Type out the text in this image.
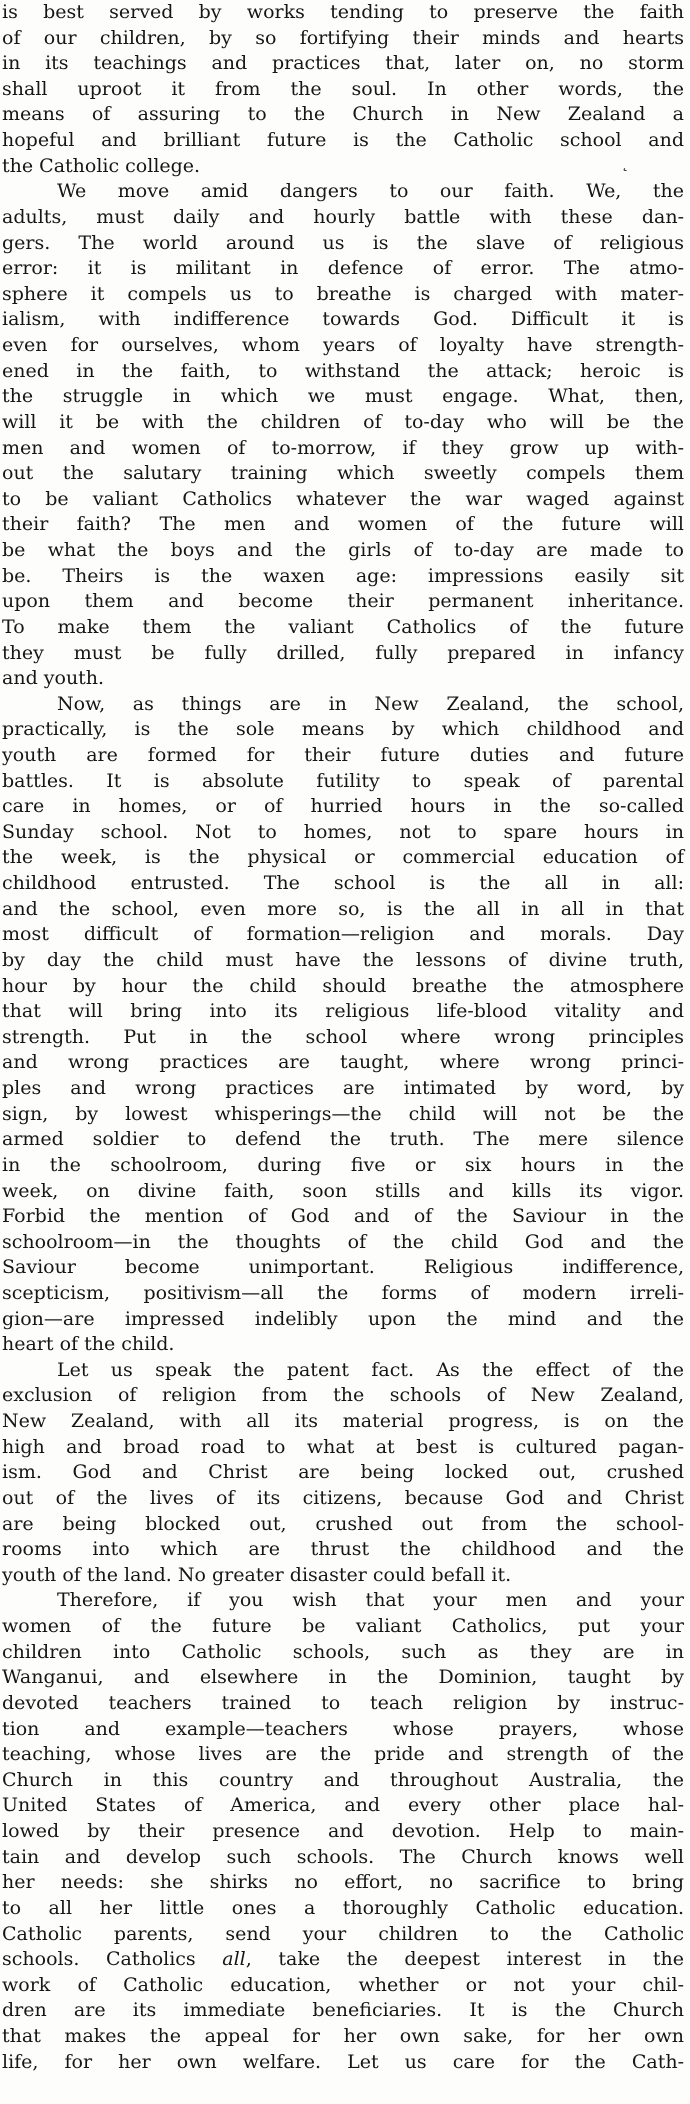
is best served by works tending to preserve the faith

of our children, by so fortifying their minds and hearts

in its teachings and practices that, later on, no storm

shall uproot it from the soul. In other words, the

means of assuring to the Church in New Zealand a

hopeful and brilliant future is the Catholic school and

the Catholic college.

We move amid dangers to our faith. We, the

adults, must daily and hourly battle with these dan-

gers. The world around us is the slave of religious

error: it is militant in defence of error. The atmo-

sphere it compels us to breathe is charged with mater-

ialism, with indifference towards God. Difficult it is

even for ourselves, whom years of loyalty have strength-

ened in the faith, to withstand the attack; heroic is

the struggle in which we must engage. What, then,

will it be with the children of to-day who will be the

men and women of to-morrow, if they grow up with-

out the salutary training which sweetly compels them

to be valiant Catholics whatever the war waged against

their faith? The men and women of the future will

be what the boys and the girls of to-day are made to

be. Theirs is the waxen age: impressions easily sit

upon them and become their permanent inheritance.

To make them the valiant Catholics of the future

they must be fully drilled, fully prepared in infancy

and youth.

Now, as things are in New Zealand, the school,

practically, is the sole means by which childhood and

youth are formed for their future duties and future

battles. It is absolute futility to speak of parental

care in homes, or of hurried hours in the so-called

Sunday school. Not to homes, not to spare hours in

the week, is the physical or commercial education of

childhood entrusted. The school is the all in all:

and the school, even more so, is the all in all in that

most difficult of formation—religion and morals. Day

by day the child must have the lessons of divine truth,

hour by hour the child should breathe the atmosphere

that will bring into its religious life-blood vitality and

strength. Put in the school where wrong principles

and wrong practices are taught, where wrong princi-

ples and wrong practices are intimated by word, by

sign, by lowest whisperings—the child will not be the

armed soldier to defend the truth. The mere silence

in the schoolroom, during five or six hours in the

week, on divine faith, soon stills and kills its vigor.

Forbid the mention of God and of the Saviour in the

schoolroom—in the thoughts of the child God and the

Saviour become unimportant. Religious indifference,

scepticism, positivism—all the forms of modern irreli-

gion—are impressed indelibly upon the mind and the

heart of the child.

Let us speak the patent fact. As the effect of the

exclusion of religion from the schools of New Zealand,

New Zealand, with all its material progress, is on the

high and broad road to what at best is cultured pagan-

ism. God and Christ are being locked out, crushed

out of the lives of its citizens, because God and Christ

are being blocked out, crushed out from the school-

rooms into which are thrust the childhood and the

youth of the land. No greater disaster could befall it.

Therefore, if you wish that your men and your

women of the future be valiant Catholics, put your

children into Catholic schools, such as they are in

Wanganui, and elsewhere in the Dominion, taught by

devoted teachers trained to teach religion by instruc-

tion and example—teachers whose prayers, whose

teaching, whose lives are the pride and strength of the

Church in this country and throughout Australia, the

United States of America, and every other place hal-

lowed by their presence and devotion. Help to main-

tain and develop such schools. The Church knows well

her needs: she shirks no effort, no sacrifice to bring

to all her little ones a thoroughly Catholic education.

Catholic parents, send your children to the Catholic

schools. Catholics all, take the deepest interest in the

work of Catholic education, whether or not your chil-

dren are its immediate beneficiaries. It is the Church

that makes the appeal for her own sake, for her own

life, for her own welfare. Let us care for the Cath-

˛
